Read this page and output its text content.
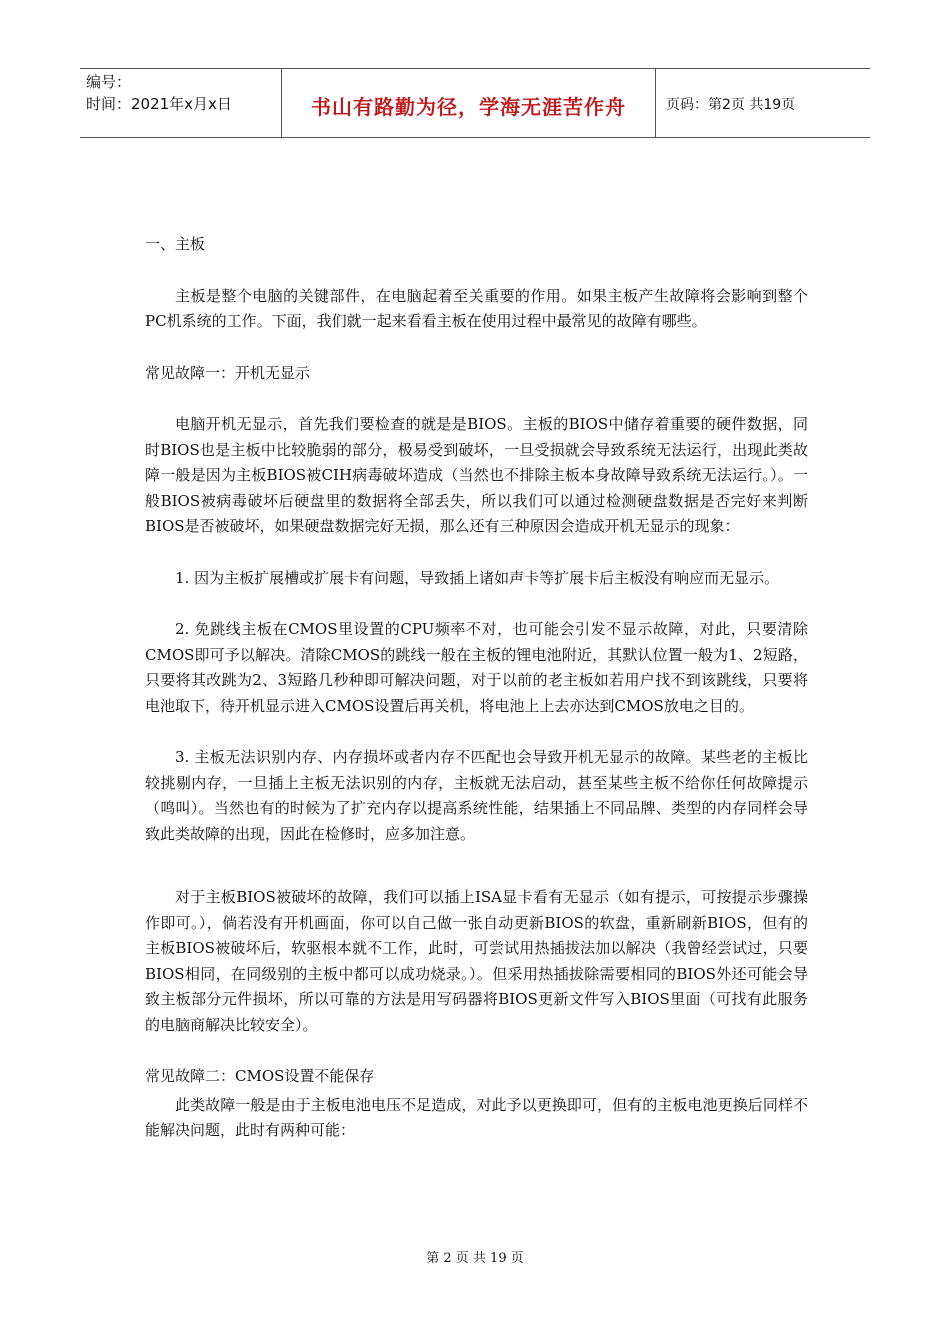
编号：
时间：2021年x月x日	书山有路勤为径，学海无涯苦作舟	页码：第2页 共19页

一、主板

主板是整个电脑的关键部件，在电脑起着至关重要的作用。如果主板产生故障将会影响到整个PC机系统的工作。下面，我们就一起来看看主板在使用过程中最常见的故障有哪些。

常见故障一：开机无显示

电脑开机无显示，首先我们要检查的就是是BIOS。主板的BIOS中储存着重要的硬件数据，同时BIOS也是主板中比较脆弱的部分，极易受到破坏，一旦受损就会导致系统无法运行，出现此类故障一般是因为主板BIOS被CIH病毒破坏造成（当然也不排除主板本身故障导致系统无法运行。）。一般BIOS被病毒破坏后硬盘里的数据将全部丢失，所以我们可以通过检测硬盘数据是否完好来判断BIOS是否被破坏，如果硬盘数据完好无损，那么还有三种原因会造成开机无显示的现象：

1. 因为主板扩展槽或扩展卡有问题，导致插上诸如声卡等扩展卡后主板没有响应而无显示。

2. 免跳线主板在CMOS里设置的CPU频率不对，也可能会引发不显示故障，对此，只要清除CMOS即可予以解决。清除CMOS的跳线一般在主板的锂电池附近，其默认位置一般为1、2短路，只要将其改跳为2、3短路几秒种即可解决问题，对于以前的老主板如若用户找不到该跳线，只要将电池取下，待开机显示进入CMOS设置后再关机，将电池上上去亦达到CMOS放电之目的。

3. 主板无法识别内存、内存损坏或者内存不匹配也会导致开机无显示的故障。某些老的主板比较挑剔内存，一旦插上主板无法识别的内存，主板就无法启动，甚至某些主板不给你任何故障提示（鸣叫）。当然也有的时候为了扩充内存以提高系统性能，结果插上不同品牌、类型的内存同样会导致此类故障的出现，因此在检修时，应多加注意。

对于主板BIOS被破坏的故障，我们可以插上ISA显卡看有无显示（如有提示，可按提示步骤操作即可。），倘若没有开机画面，你可以自己做一张自动更新BIOS的软盘，重新刷新BIOS，但有的主板BIOS被破坏后，软驱根本就不工作，此时，可尝试用热插拔法加以解决（我曾经尝试过，只要BIOS相同，在同级别的主板中都可以成功烧录。）。但采用热插拔除需要相同的BIOS外还可能会导致主板部分元件损坏，所以可靠的方法是用写码器将BIOS更新文件写入BIOS里面（可找有此服务的电脑商解决比较安全）。

常见故障二：CMOS设置不能保存

此类故障一般是由于主板电池电压不足造成，对此予以更换即可，但有的主板电池更换后同样不能解决问题，此时有两种可能：

第 2 页 共 19 页
